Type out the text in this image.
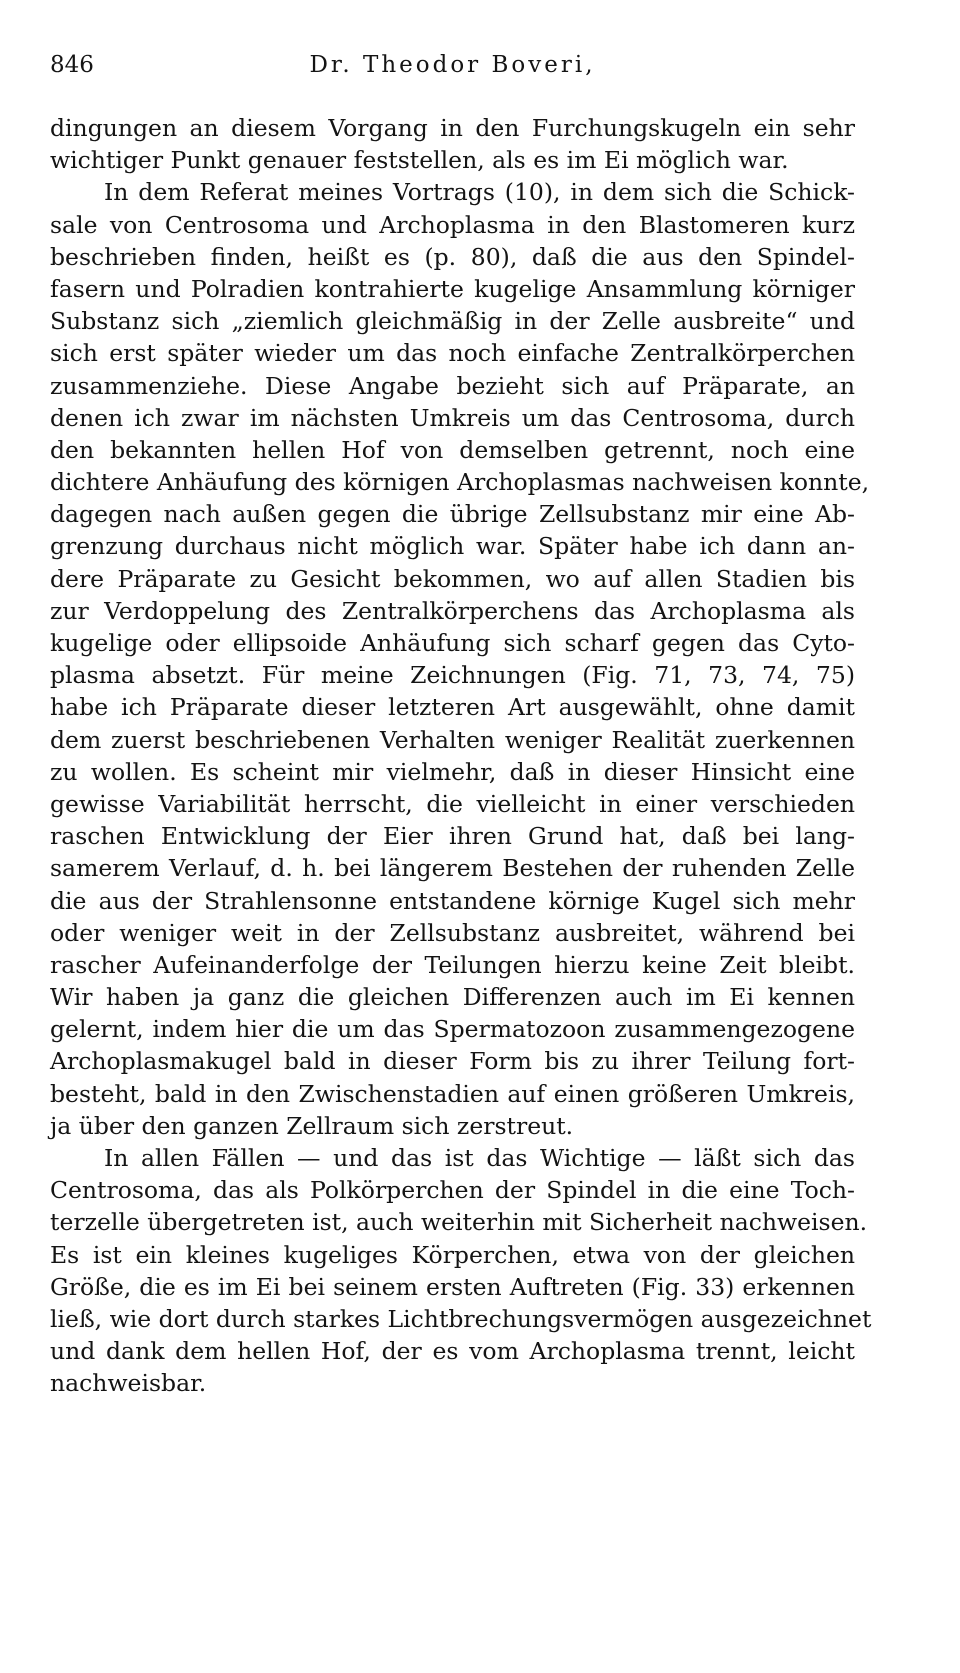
846	Dr. Theodor Boveri,
dingungen an diesem Vorgang in den Furchungskugeln ein sehr
wichtiger Punkt genauer feststellen, als es im Ei möglich war.
In dem Referat meines Vortrags (10), in dem sich die Schick-
sale von Centrosoma und Archoplasma in den Blastomeren kurz
beschrieben finden, heißt es (p. 80), daß die aus den Spindel-
fasern und Polradien kontrahierte kugelige Ansammlung körniger
Substanz sich „ziemlich gleichmäßig in der Zelle ausbreite“ und
sich erst später wieder um das noch einfache Zentralkörperchen
zusammenziehe. Diese Angabe bezieht sich auf Präparate, an
denen ich zwar im nächsten Umkreis um das Centrosoma, durch
den bekannten hellen Hof von demselben getrennt, noch eine
dichtere Anhäufung des körnigen Archoplasmas nachweisen konnte,
dagegen nach außen gegen die übrige Zellsubstanz mir eine Ab-
grenzung durchaus nicht möglich war. Später habe ich dann an-
dere Präparate zu Gesicht bekommen, wo auf allen Stadien bis
zur Verdoppelung des Zentralkörperchens das Archoplasma als
kugelige oder ellipsoide Anhäufung sich scharf gegen das Cyto-
plasma absetzt. Für meine Zeichnungen (Fig. 71, 73, 74, 75)
habe ich Präparate dieser letzteren Art ausgewählt, ohne damit
dem zuerst beschriebenen Verhalten weniger Realität zuerkennen
zu wollen. Es scheint mir vielmehr, daß in dieser Hinsicht eine
gewisse Variabilität herrscht, die vielleicht in einer verschieden
raschen Entwicklung der Eier ihren Grund hat, daß bei lang-
samerem Verlauf, d. h. bei längerem Bestehen der ruhenden Zelle
die aus der Strahlensonne entstandene körnige Kugel sich mehr
oder weniger weit in der Zellsubstanz ausbreitet, während bei
rascher Aufeinanderfolge der Teilungen hierzu keine Zeit bleibt.
Wir haben ja ganz die gleichen Differenzen auch im Ei kennen
gelernt, indem hier die um das Spermatozoon zusammengezogene
Archoplasmakugel bald in dieser Form bis zu ihrer Teilung fort-
besteht, bald in den Zwischenstadien auf einen größeren Umkreis,
ja über den ganzen Zellraum sich zerstreut.
In allen Fällen — und das ist das Wichtige — läßt sich das
Centrosoma, das als Polkörperchen der Spindel in die eine Toch-
terzelle übergetreten ist, auch weiterhin mit Sicherheit nachweisen.
Es ist ein kleines kugeliges Körperchen, etwa von der gleichen
Größe, die es im Ei bei seinem ersten Auftreten (Fig. 33) erkennen
ließ, wie dort durch starkes Lichtbrechungsvermögen ausgezeichnet
und dank dem hellen Hof, der es vom Archoplasma trennt, leicht
nachweisbar.
